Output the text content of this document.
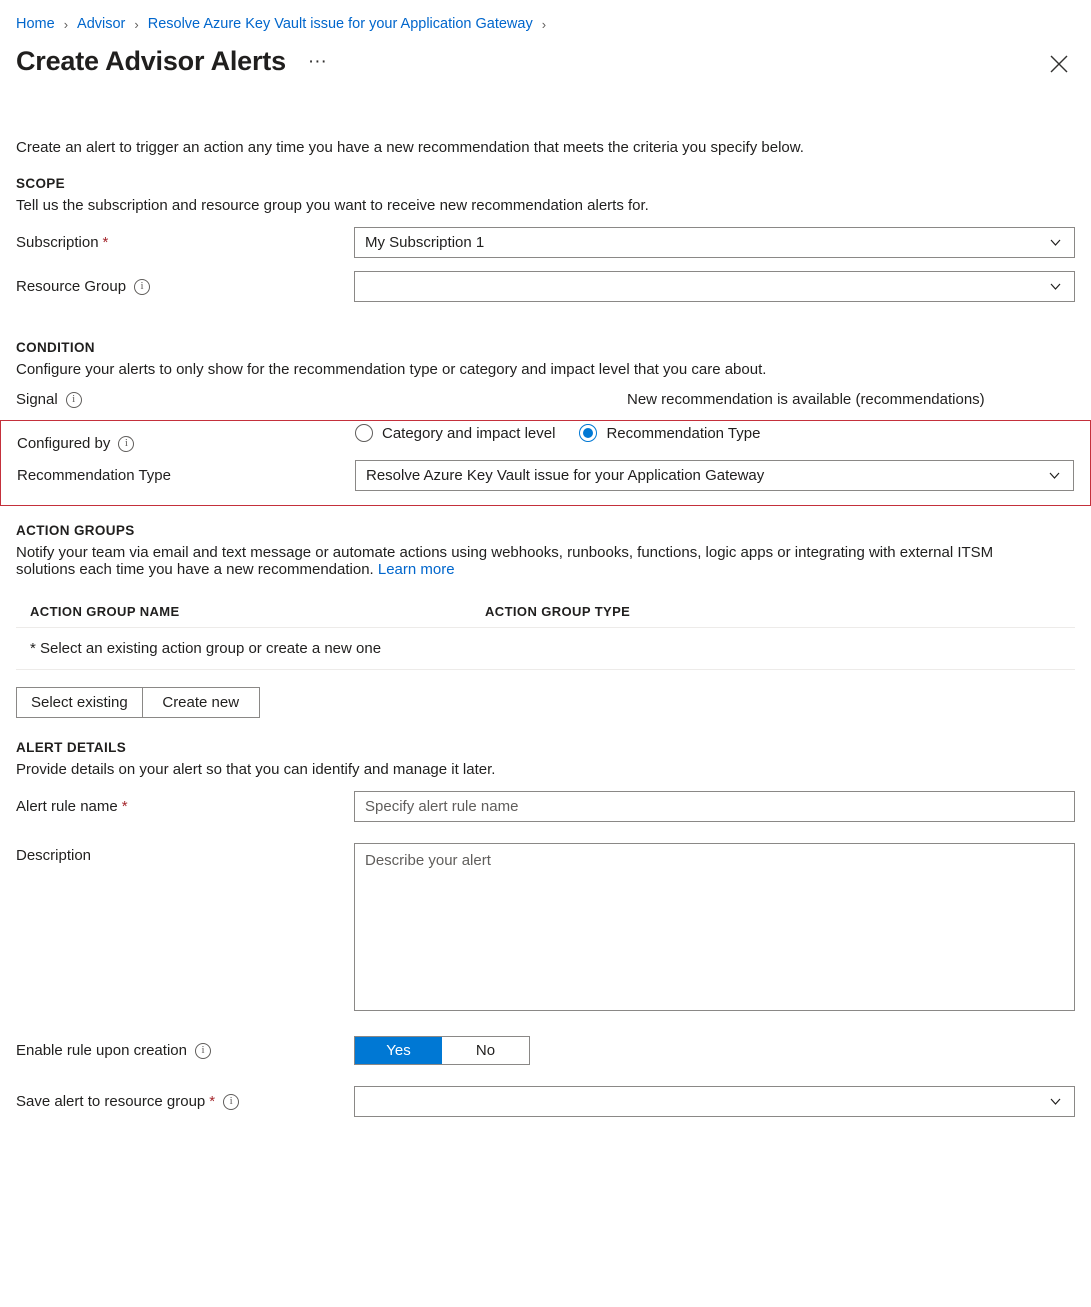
Home › Advisor › Resolve Azure Key Vault issue for your Application Gateway ›
Create Advisor Alerts ···
Create an alert to trigger an action any time you have a new recommendation that meets the criteria you specify below.
SCOPE
Tell us the subscription and resource group you want to receive new recommendation alerts for.
Subscription *	My Subscription 1
Resource Group	i
CONDITION
Configure your alerts to only show for the recommendation type or category and impact level that you care about.
Signal	i	New recommendation is available (recommendations)
Configured by	i
Category and impact level	Recommendation Type
Recommendation Type	Resolve Azure Key Vault issue for your Application Gateway
ACTION GROUPS
Notify your team via email and text message or automate actions using webhooks, runbooks, functions, logic apps or integrating with external ITSM solutions each time you have a new recommendation. Learn more
ACTION GROUP NAME	ACTION GROUP TYPE
* Select an existing action group or create a new one
Select existing	Create new
ALERT DETAILS
Provide details on your alert so that you can identify and manage it later.
Alert rule name *
Specify alert rule name
Description
Describe your alert
Enable rule upon creation	i	Yes	No
Save alert to resource group *	i
